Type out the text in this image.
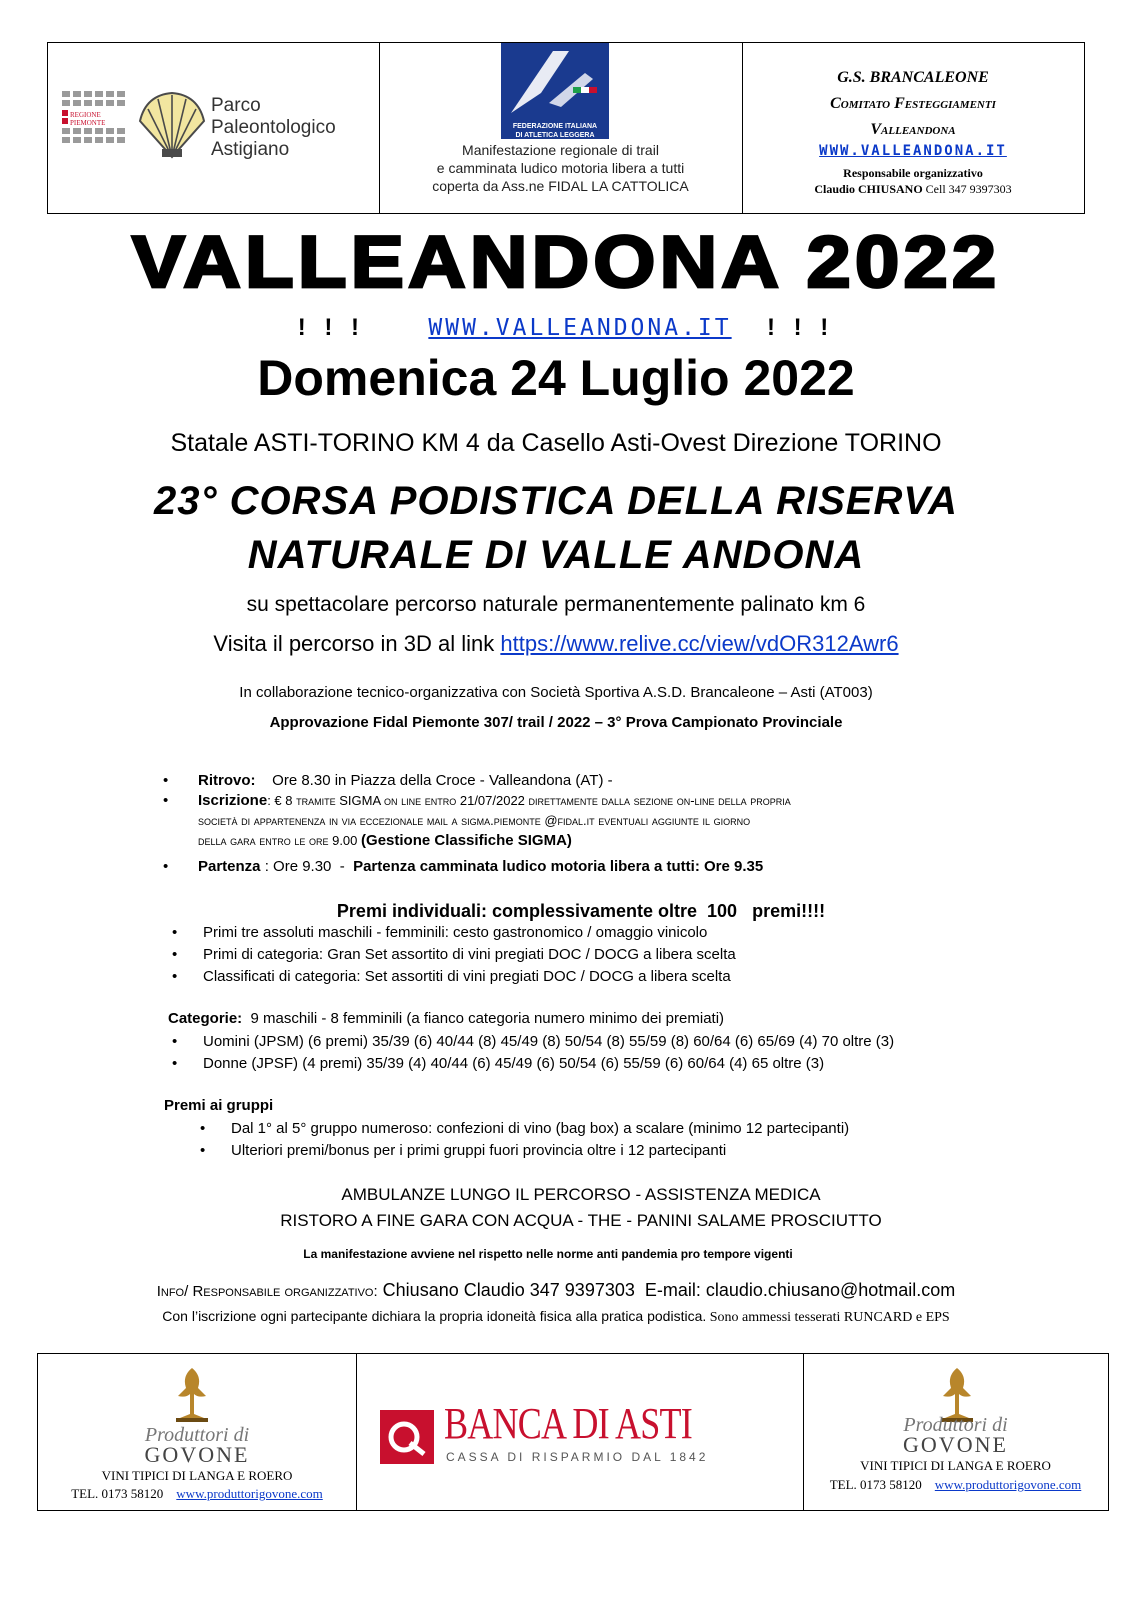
REGIONE
PIEMONTE
Parco
Paleontologico
Astigiano
FEDERAZIONE ITALIANA
DI ATLETICA LEGGERA
Manifestazione regionale di trail
e camminata ludico motoria libera a tutti
coperta da Ass.ne FIDAL LA CATTOLICA
G.S. BRANCALEONE
Comitato Festeggiamenti
Valleandona
WWW.VALLEANDONA.IT
Responsabile organizzativo
Claudio CHIUSANO Cell 347 9397303
VALLEANDONA 2022
! ! !	WWW.VALLEANDONA.IT ! ! !
Domenica 24 Luglio 2022
Statale ASTI-TORINO KM 4 da Casello Asti-Ovest Direzione TORINO
23° CORSA PODISTICA DELLA RISERVA
NATURALE DI VALLE ANDONA
su spettacolare percorso naturale permanentemente palinato km 6
Visita il percorso in 3D al link https://www.relive.cc/view/vdOR312Awr6
In collaborazione tecnico-organizzativa con Società Sportiva A.S.D. Brancaleone – Asti (AT003)
Approvazione Fidal Piemonte 307/ trail / 2022 – 3° Prova Campionato Provinciale
• Ritrovo: Ore 8.30 in Piazza della Croce - Valleandona (AT) -
• Iscrizione: € 8 tramite SIGMA on line entro 21/07/2022 direttamente dalla sezione on-line della propria
società di appartenenza in via eccezionale mail a sigma.piemonte @fidal.it eventuali aggiunte il giorno
della gara entro le ore 9.00 (Gestione Classifiche SIGMA)
• Partenza : Ore 9.30  -  Partenza camminata ludico motoria libera a tutti: Ore 9.35
Premi individuali: complessivamente oltre  100   premi!!!!
• Primi tre assoluti maschili - femminili: cesto gastronomico / omaggio vinicolo
• Primi di categoria: Gran Set assortito di vini pregiati DOC / DOCG a libera scelta
• Classificati di categoria: Set assortiti di vini pregiati DOC / DOCG a libera scelta
Categorie:  9 maschili - 8 femminili (a fianco categoria numero minimo dei premiati)
• Uomini (JPSM) (6 premi) 35/39 (6) 40/44 (8) 45/49 (8) 50/54 (8) 55/59 (8) 60/64 (6) 65/69 (4) 70 oltre (3)
• Donne (JPSF) (4 premi) 35/39 (4) 40/44 (6) 45/49 (6) 50/54 (6) 55/59 (6) 60/64 (4) 65 oltre (3)
Premi ai gruppi
• Dal 1° al 5° gruppo numeroso: confezioni di vino (bag box) a scalare (minimo 12 partecipanti)
• Ulteriori premi/bonus per i primi gruppi fuori provincia oltre i 12 partecipanti
AMBULANZE LUNGO IL PERCORSO - ASSISTENZA MEDICA
RISTORO A FINE GARA CON ACQUA - THE - PANINI SALAME PROSCIUTTO
La manifestazione avviene nel rispetto nelle norme anti pandemia pro tempore vigenti
Info/ Responsabile organizzativo: Chiusano Claudio 347 9397303  E-mail: claudio.chiusano@hotmail.com
Con l’iscrizione ogni partecipante dichiara la propria idoneità fisica alla pratica podistica. Sono ammessi tesserati RUNCARD e EPS
Produttori di
GOVONE
VINI TIPICI DI LANGA E ROERO
TEL. 0173 58120 www.produttorigovone.com
BANCA DI ASTI
CASSA DI RISPARMIO DAL 1842
Produttori di
GOVONE
VINI TIPICI DI LANGA E ROERO
TEL. 0173 58120 www.produttorigovone.com
